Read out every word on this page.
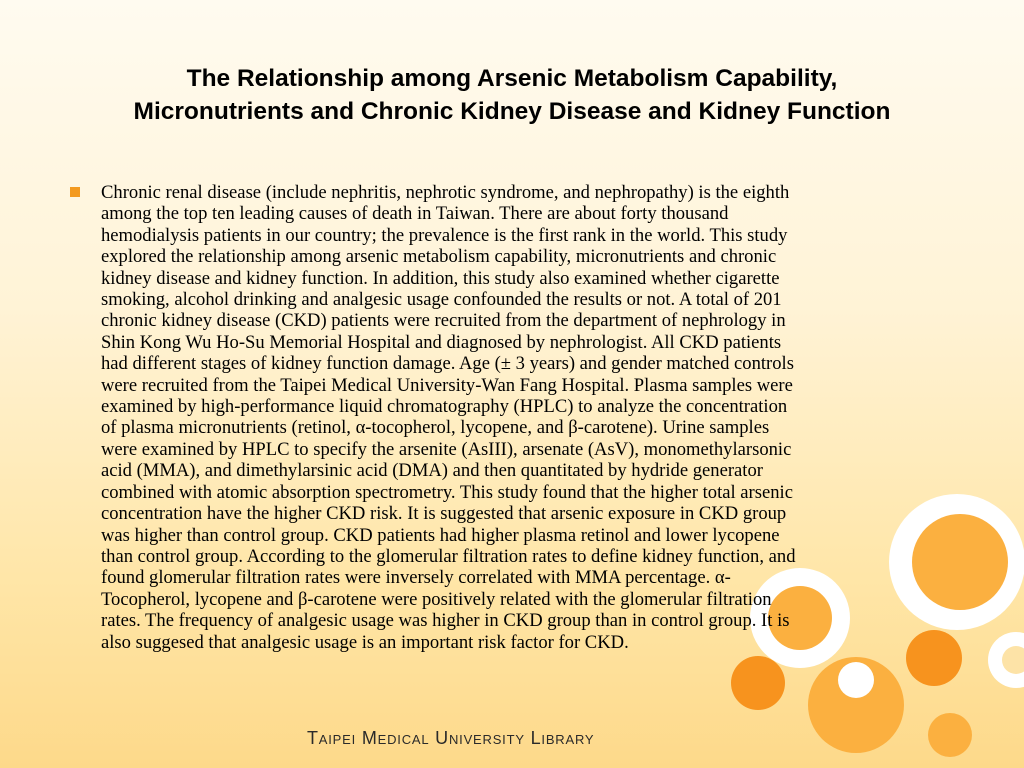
The Relationship among Arsenic Metabolism Capability,
Micronutrients and Chronic Kidney Disease and Kidney Function
Chronic renal disease (include nephritis, nephrotic syndrome, and nephropathy) is the eighth
among the top ten leading causes of death in Taiwan. There are about forty thousand
hemodialysis patients in our country; the prevalence is the first rank in the world. This study
explored the relationship among arsenic metabolism capability, micronutrients and chronic
kidney disease and kidney function. In addition, this study also examined whether cigarette
smoking, alcohol drinking and analgesic usage confounded the results or not. A total of 201
chronic kidney disease (CKD) patients were recruited from the department of nephrology in
Shin Kong Wu Ho-Su Memorial Hospital and diagnosed by nephrologist. All CKD patients
had different stages of kidney function damage. Age (± 3 years) and gender matched controls
were recruited from the Taipei Medical University-Wan Fang Hospital. Plasma samples were
examined by high-performance liquid chromatography (HPLC) to analyze the concentration
of plasma micronutrients (retinol, α-tocopherol, lycopene, and β-carotene). Urine samples
were examined by HPLC to specify the arsenite (AsIII), arsenate (AsV), monomethylarsonic
acid (MMA), and dimethylarsinic acid (DMA) and then quantitated by hydride generator
combined with atomic absorption spectrometry. This study found that the higher total arsenic
concentration have the higher CKD risk. It is suggested that arsenic exposure in CKD group
was higher than control group. CKD patients had higher plasma retinol and lower lycopene
than control group. According to the glomerular filtration rates to define kidney function, and
found glomerular filtration rates were inversely correlated with MMA percentage. α-
Tocopherol, lycopene and β-carotene were positively related with the glomerular filtration
rates. The frequency of analgesic usage was higher in CKD group than in control group. It is
also suggesed that analgesic usage is an important risk factor for CKD.
Taipei Medical University Library
